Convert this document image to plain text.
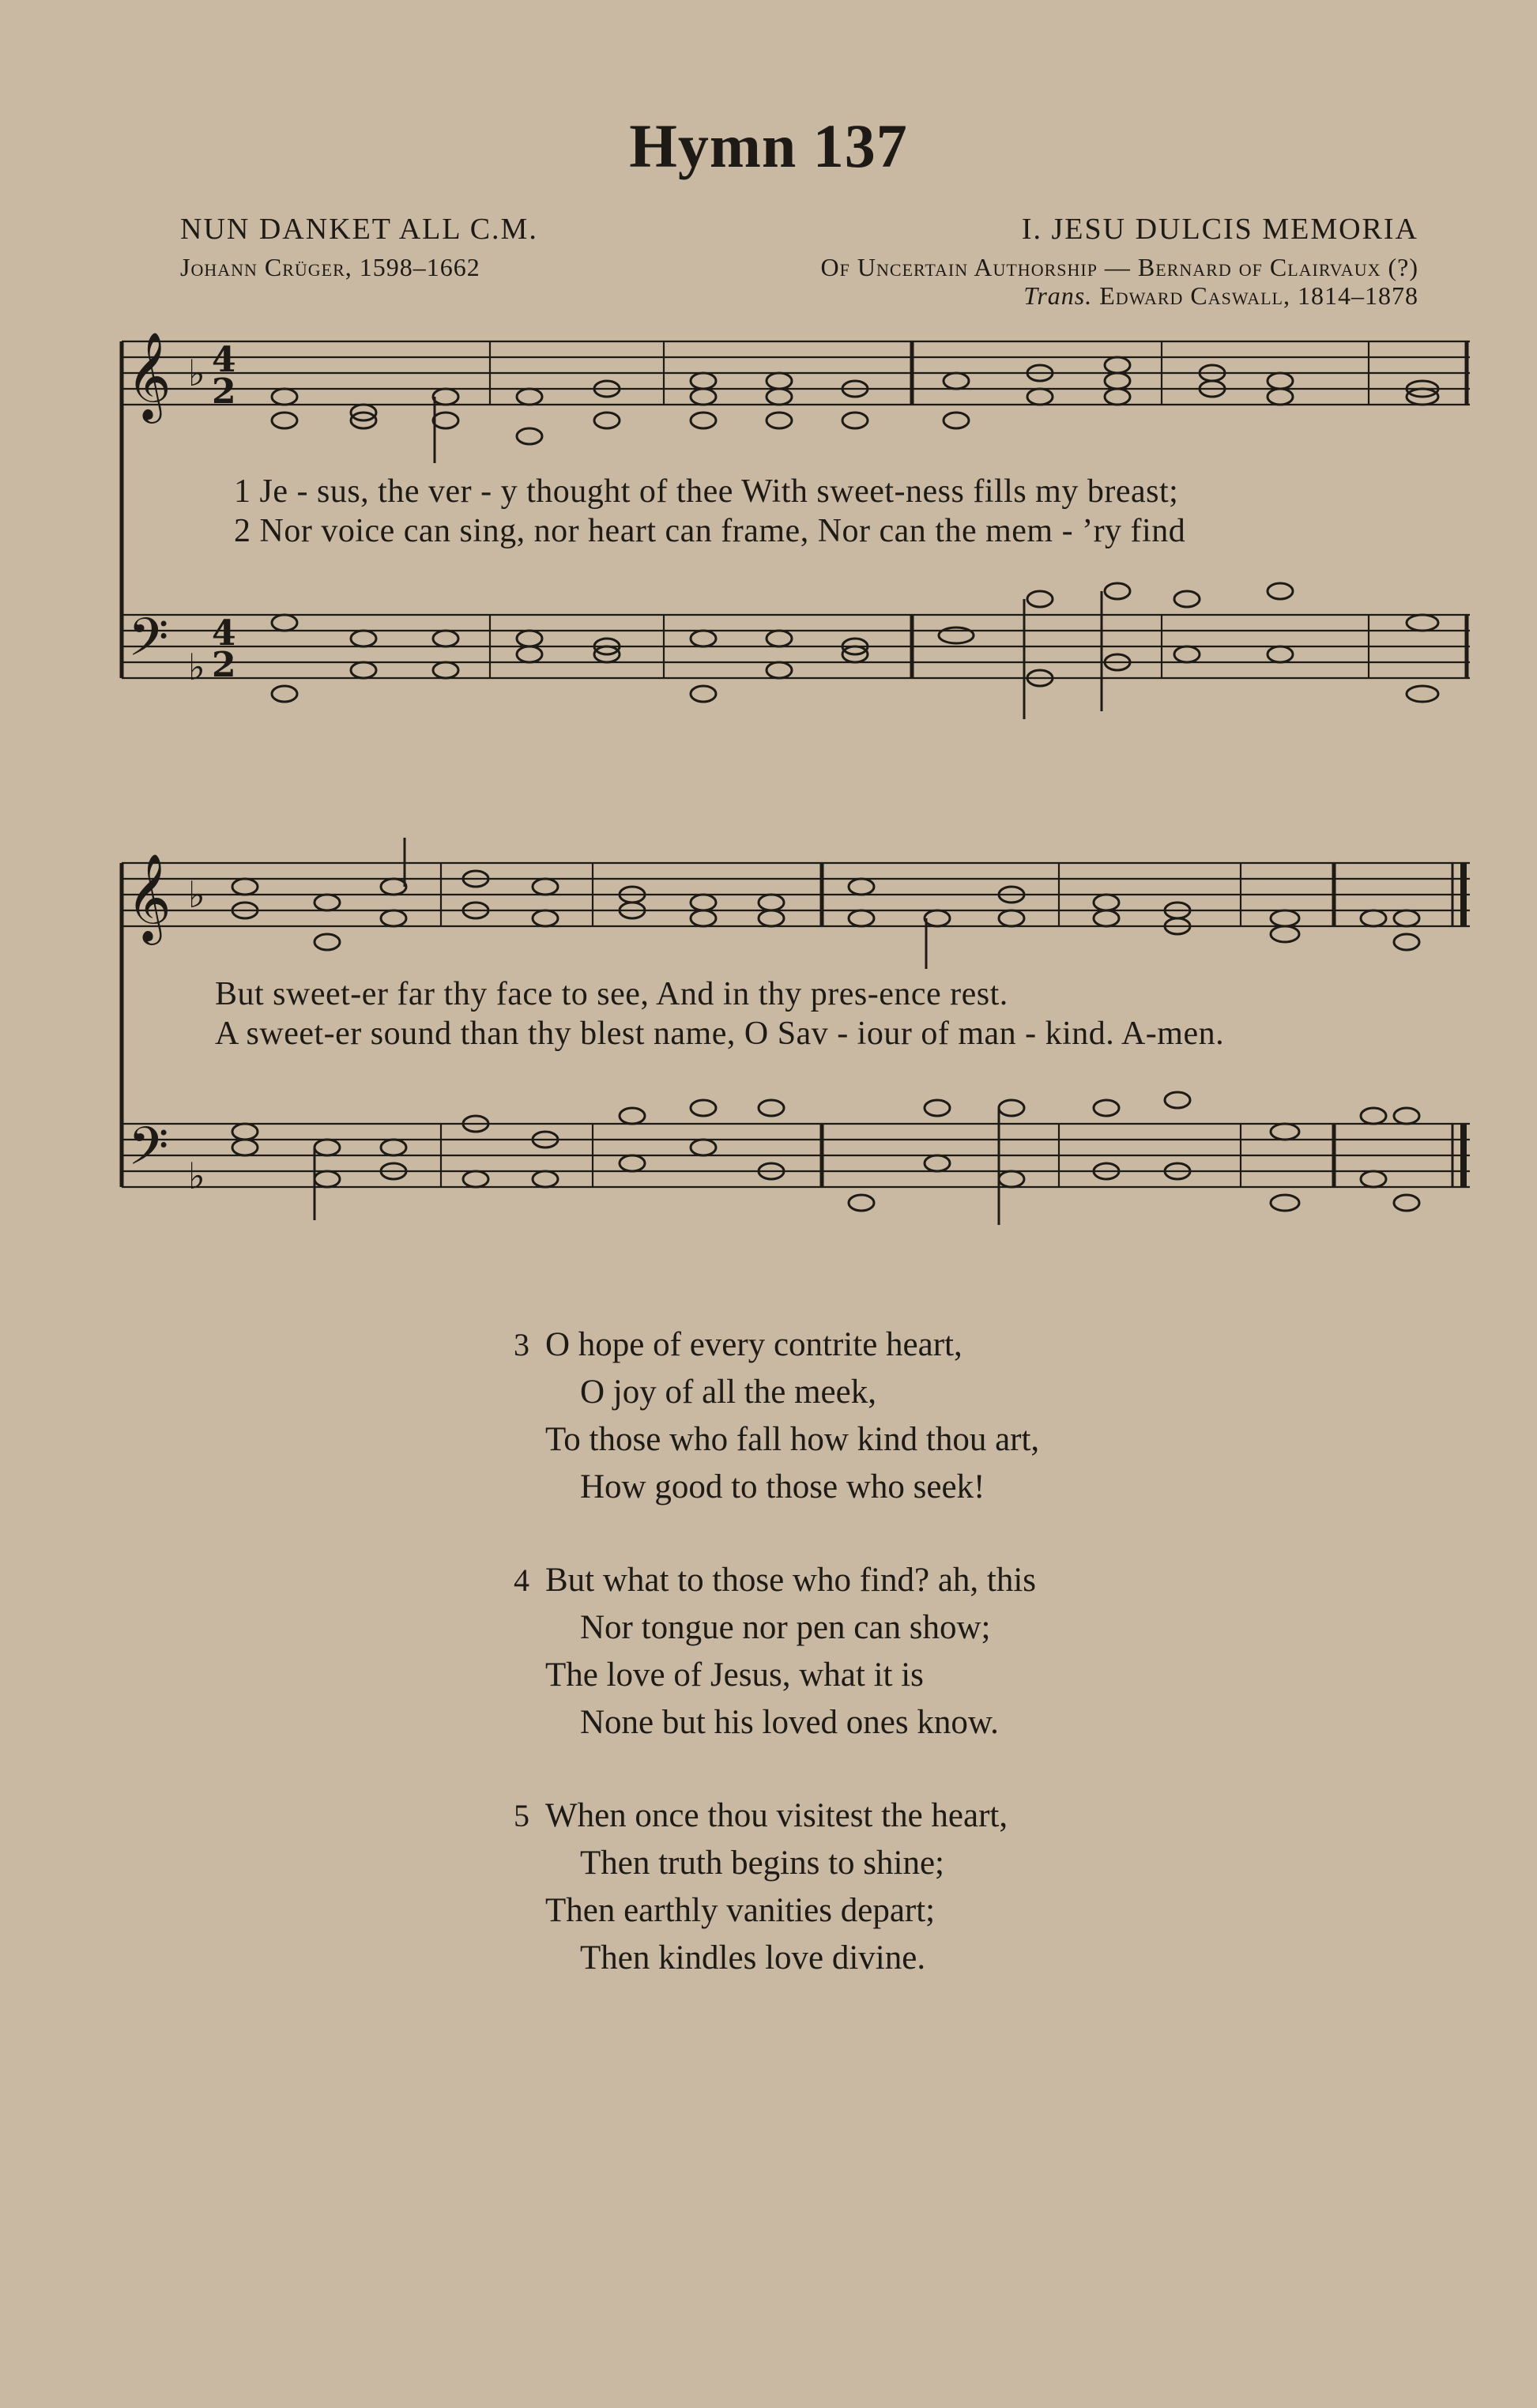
Hymn 137
NUN DANKET ALL C.M.
Johann Crüger, 1598–1662
I. JESU DULCIS MEMORIA
Of Uncertain Authorship — Bernard of Clairvaux (?)
Trans. Edward Caswall, 1814–1878
𝄞 ♭ 4
2
𝄢 ♭
4
2
1 Je - sus, the ver - y thought of thee With sweet-ness fills my breast;
2 Nor voice can sing, nor heart can frame, Nor can the mem - ’ry find
𝄞 ♭
𝄢 ♭
But sweet-er far thy face to see, And in thy pres-ence rest.
A sweet-er sound than thy blest name, O Sav - iour of man - kind. A-men.
3 O hope of every contrite heart,
O joy of all the meek,
To those who fall how kind thou art,
How good to those who seek!
4 But what to those who find? ah, this
Nor tongue nor pen can show;
The love of Jesus, what it is
None but his loved ones know.
5 When once thou visitest the heart,
Then truth begins to shine;
Then earthly vanities depart;
Then kindles love divine.
